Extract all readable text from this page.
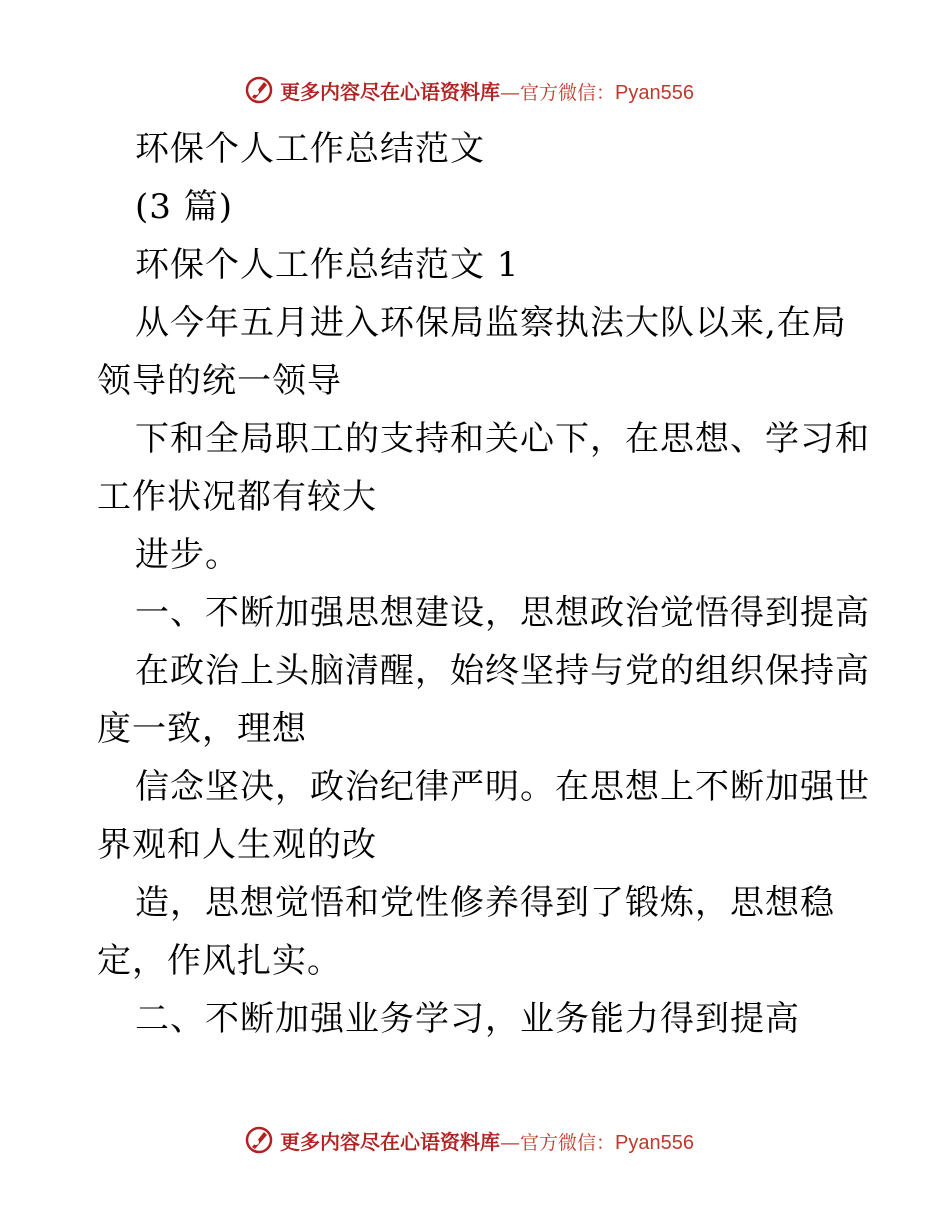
更多内容尽在心语资料库—官方微信：Pyan556
环保个人工作总结范文
(3 篇)
环保个人工作总结范文 1
从今年五月进入环保局监察执法大队以来,在局
领导的统一领导
下和全局职工的支持和关心下，在思想、学习和
工作状况都有较大
进步。
一、不断加强思想建设，思想政治觉悟得到提高
在政治上头脑清醒，始终坚持与党的组织保持高
度一致，理想
信念坚决，政治纪律严明。在思想上不断加强世
界观和人生观的改
造，思想觉悟和党性修养得到了锻炼，思想稳
定，作风扎实。
二、不断加强业务学习，业务能力得到提高
更多内容尽在心语资料库—官方微信：Pyan556
